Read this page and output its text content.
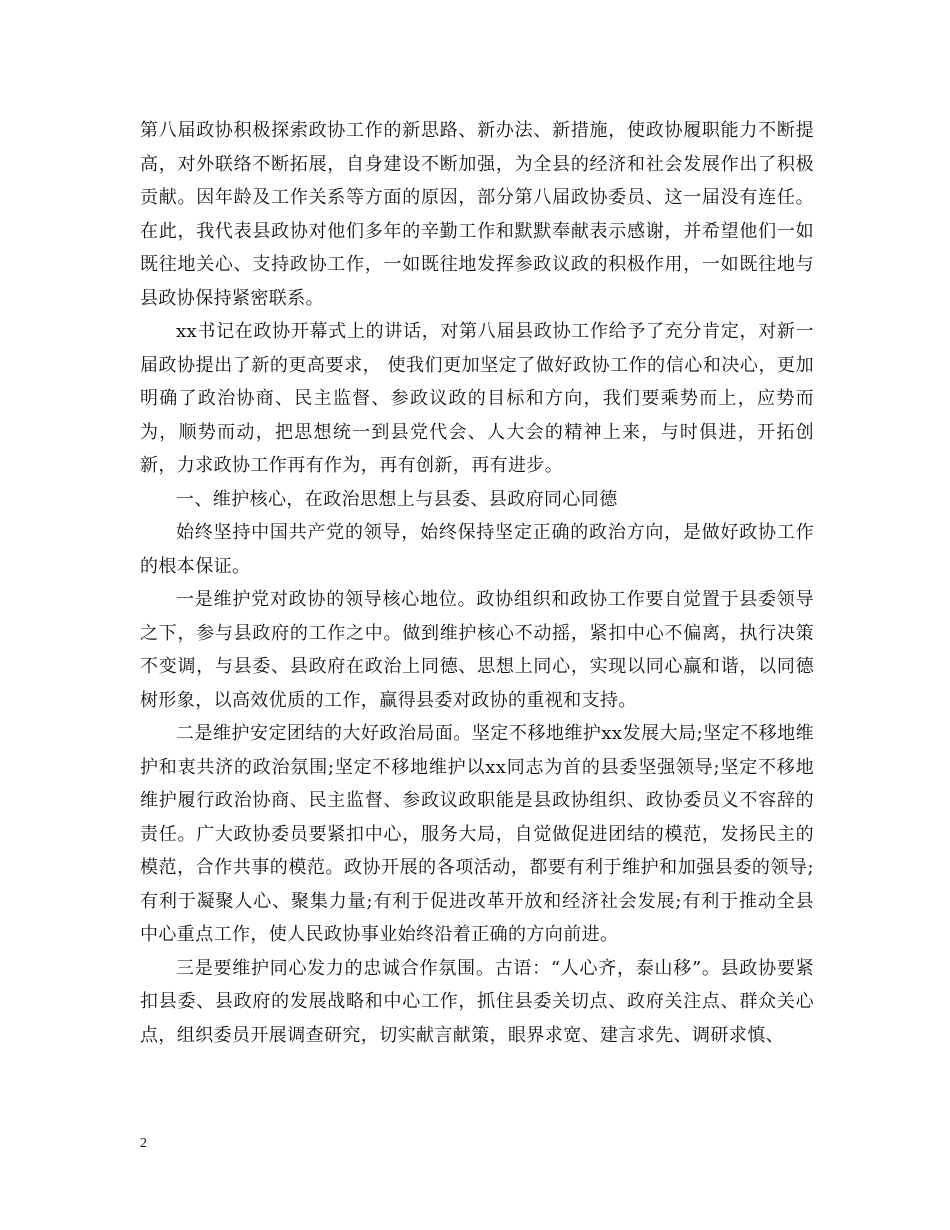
第八届政协积极探索政协工作的新思路、新办法、新措施，使政协履职能力不断提高，对外联络不断拓展，自身建设不断加强，为全县的经济和社会发展作出了积极贡献。因年龄及工作关系等方面的原因，部分第八届政协委员、这一届没有连任。在此，我代表县政协对他们多年的辛勤工作和默默奉献表示感谢，并希望他们一如既往地关心、支持政协工作，一如既往地发挥参政议政的积极作用，一如既往地与县政协保持紧密联系。

xx书记在政协开幕式上的讲话，对第八届县政协工作给予了充分肯定，对新一届政协提出了新的更高要求， 使我们更加坚定了做好政协工作的信心和决心，更加明确了政治协商、民主监督、参政议政的目标和方向，我们要乘势而上，应势而为，顺势而动，把思想统一到县党代会、人大会的精神上来，与时俱进，开拓创新，力求政协工作再有作为，再有创新，再有进步。

一、维护核心，在政治思想上与县委、县政府同心同德

始终坚持中国共产党的领导，始终保持坚定正确的政治方向，是做好政协工作的根本保证。

一是维护党对政协的领导核心地位。政协组织和政协工作要自觉置于县委领导之下，参与县政府的工作之中。做到维护核心不动摇，紧扣中心不偏离，执行决策不变调，与县委、县政府在政治上同德、思想上同心，实现以同心赢和谐，以同德树形象，以高效优质的工作，赢得县委对政协的重视和支持。

二是维护安定团结的大好政治局面。坚定不移地维护xx发展大局;坚定不移地维护和衷共济的政治氛围;坚定不移地维护以xx同志为首的县委坚强领导;坚定不移地维护履行政治协商、民主监督、参政议政职能是县政协组织、政协委员义不容辞的责任。广大政协委员要紧扣中心，服务大局，自觉做促进团结的模范，发扬民主的模范，合作共事的模范。政协开展的各项活动，都要有利于维护和加强县委的领导;有利于凝聚人心、聚集力量;有利于促进改革开放和经济社会发展;有利于推动全县中心重点工作，使人民政协事业始终沿着正确的方向前进。

三是要维护同心发力的忠诚合作氛围。古语：“人心齐，泰山移”。县政协要紧扣县委、县政府的发展战略和中心工作，抓住县委关切点、政府关注点、群众关心点，组织委员开展调查研究，切实献言献策，眼界求宽、建言求先、调研求慎、

2
